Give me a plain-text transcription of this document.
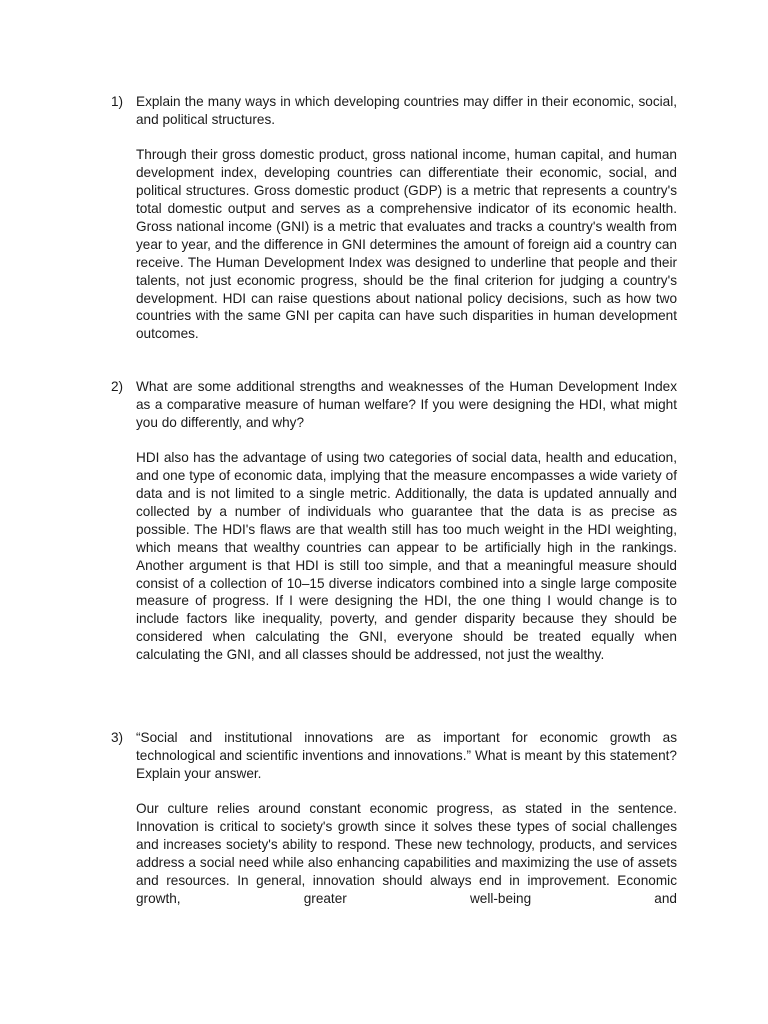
1) Explain the many ways in which developing countries may differ in their economic, social, and political structures.
Through their gross domestic product, gross national income, human capital, and human development index, developing countries can differentiate their economic, social, and political structures. Gross domestic product (GDP) is a metric that represents a country's total domestic output and serves as a comprehensive indicator of its economic health. Gross national income (GNI) is a metric that evaluates and tracks a country's wealth from year to year, and the difference in GNI determines the amount of foreign aid a country can receive. The Human Development Index was designed to underline that people and their talents, not just economic progress, should be the final criterion for judging a country's development. HDI can raise questions about national policy decisions, such as how two countries with the same GNI per capita can have such disparities in human development outcomes.
2) What are some additional strengths and weaknesses of the Human Development Index as a comparative measure of human welfare? If you were designing the HDI, what might you do differently, and why?
HDI also has the advantage of using two categories of social data, health and education, and one type of economic data, implying that the measure encompasses a wide variety of data and is not limited to a single metric. Additionally, the data is updated annually and collected by a number of individuals who guarantee that the data is as precise as possible. The HDI's flaws are that wealth still has too much weight in the HDI weighting, which means that wealthy countries can appear to be artificially high in the rankings. Another argument is that HDI is still too simple, and that a meaningful measure should consist of a collection of 10–15 diverse indicators combined into a single large composite measure of progress. If I were designing the HDI, the one thing I would change is to include factors like inequality, poverty, and gender disparity because they should be considered when calculating the GNI, everyone should be treated equally when calculating the GNI, and all classes should be addressed, not just the wealthy.
3) “Social and institutional innovations are as important for economic growth as technological and scientific inventions and innovations.” What is meant by this statement? Explain your answer.
Our culture relies around constant economic progress, as stated in the sentence. Innovation is critical to society's growth since it solves these types of social challenges and increases society's ability to respond. These new technology, products, and services address a social need while also enhancing capabilities and maximizing the use of assets and resources. In general, innovation should always end in improvement. Economic growth, greater well-being and
